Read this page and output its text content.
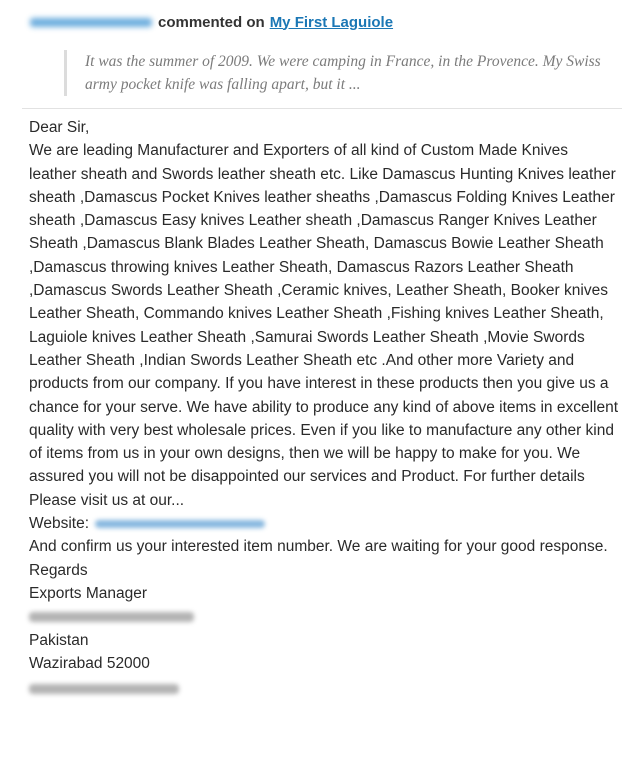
commented on My First Laguiole
It was the summer of 2009. We were camping in France, in the Provence. My Swiss army pocket knife was falling apart, but it ...

Dear Sir,

We are leading Manufacturer and Exporters of all kind of Custom Made Knives leather sheath and Swords leather sheath etc. Like Damascus Hunting Knives leather sheath ,Damascus Pocket Knives leather sheaths ,Damascus Folding Knives Leather sheath ,Damascus Easy knives Leather sheath ,Damascus Ranger Knives Leather Sheath ,Damascus Blank Blades Leather Sheath, Damascus Bowie Leather Sheath ,Damascus throwing knives Leather Sheath, Damascus Razors Leather Sheath ,Damascus Swords Leather Sheath ,Ceramic knives, Leather Sheath, Booker knives Leather Sheath, Commando knives Leather Sheath ,Fishing knives Leather Sheath, Laguiole knives Leather Sheath ,Samurai Swords Leather Sheath ,Movie Swords Leather Sheath ,Indian Swords Leather Sheath etc .And other more Variety and products from our company. If you have interest in these products then you give us a chance for your serve. We have ability to produce any kind of above items in excellent quality with very best wholesale prices. Even if you like to manufacture any other kind of items from us in your own designs, then we will be happy to make for you. We assured you will not be disappointed our services and Product. For further details Please visit us at our...

Website:

And confirm us your interested item number. We are waiting for your good response.

Regards

Exports Manager

Pakistan

Wazirabad 52000
